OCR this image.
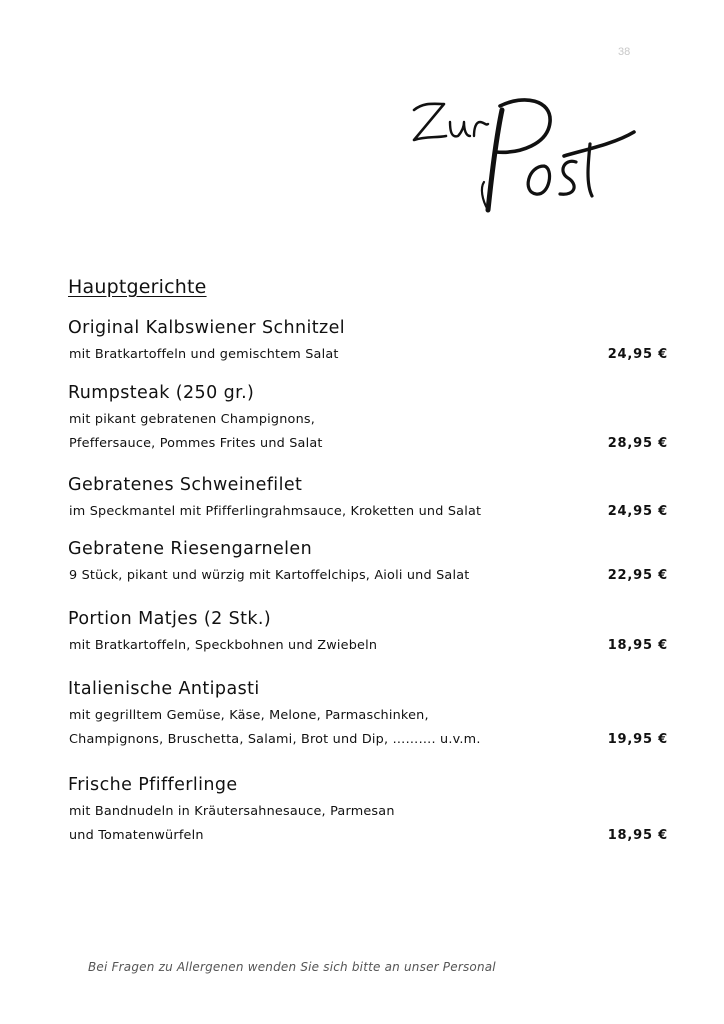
38
Hauptgerichte
Original Kalbswiener Schnitzel
mit Bratkartoffeln und gemischtem Salat	24,95 €
Rumpsteak (250 gr.)
mit pikant gebratenen Champignons,
Pfeffersauce, Pommes Frites und Salat	28,95 €
Gebratenes Schweinefilet
im Speckmantel mit Pfifferlingrahmsauce, Kroketten und Salat	24,95 €
Gebratene Riesengarnelen
9 Stück, pikant und würzig mit Kartoffelchips, Aioli und Salat	22,95 €
Portion Matjes (2 Stk.)
mit Bratkartoffeln, Speckbohnen und Zwiebeln	18,95 €
Italienische Antipasti
mit gegrilltem Gemüse, Käse, Melone, Parmaschinken,
Champignons, Bruschetta, Salami, Brot und Dip, ………. u.v.m.	19,95 €
Frische Pfifferlinge
mit Bandnudeln in Kräutersahnesauce, Parmesan
und Tomatenwürfeln	18,95 €
Bei Fragen zu Allergenen wenden Sie sich bitte an unser Personal
